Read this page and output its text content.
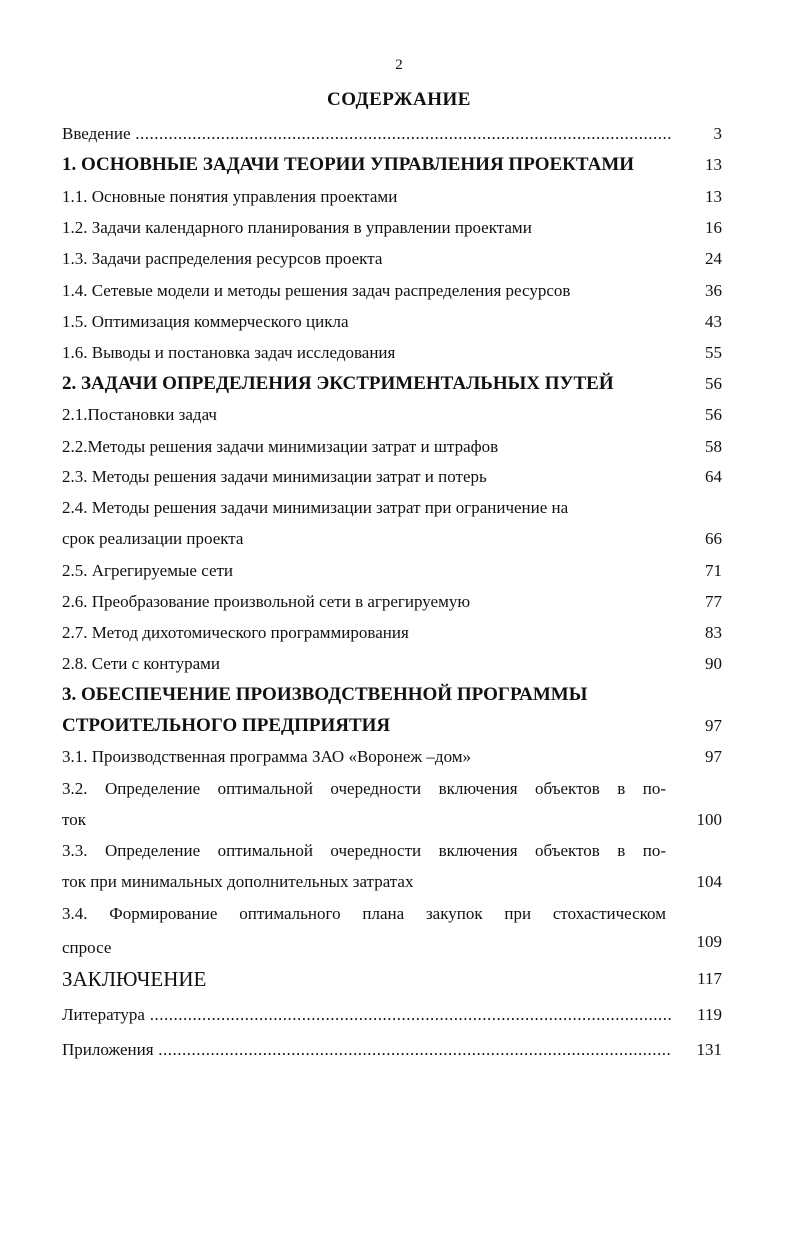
2
СОДЕРЖАНИЕ
Введение .....	3
1. ОСНОВНЫЕ ЗАДАЧИ ТЕОРИИ УПРАВЛЕНИЯ ПРОЕКТАМИ	13
1.1. Основные понятия управления проектами	13
1.2. Задачи календарного планирования в управлении проектами	16
1.3. Задачи распределения ресурсов проекта	24
1.4. Сетевые модели и методы решения задач распределения ресурсов	36
1.5. Оптимизация коммерческого цикла	43
1.6. Выводы и постановка задач исследования	55
2. ЗАДАЧИ ОПРЕДЕЛЕНИЯ ЭКСТРИМЕНТАЛЬНЫХ ПУТЕЙ	56
2.1.Постановки задач	56
2.2.Методы решения задачи минимизации затрат и штрафов	58
2.3. Методы решения задачи минимизации затрат и потерь	64
2.4. Методы решения задачи минимизации затрат при ограничение на
срок реализации проекта	66
2.5. Агрегируемые сети	71
2.6. Преобразование произвольной сети в агрегируемую	77
2.7. Метод дихотомического программирования	83
2.8. Сети с контурами	90
3. ОБЕСПЕЧЕНИЕ ПРОИЗВОДСТВЕННОЙ ПРОГРАММЫ
СТРОИТЕЛЬНОГО ПРЕДПРИЯТИЯ	97
3.1. Производственная программа ЗАО «Воронеж –дом»	97
3.2. Определение оптимальной очередности включения объектов в по-
ток	100
3.3. Определение оптимальной очередности включения объектов в по-
ток при минимальных дополнительных затратах	104
3.4. Формирование оптимального плана закупок при стохастическом
спросе	109
ЗАКЛЮЧЕНИЕ	117
Литература .....	119
Приложения .....	131
